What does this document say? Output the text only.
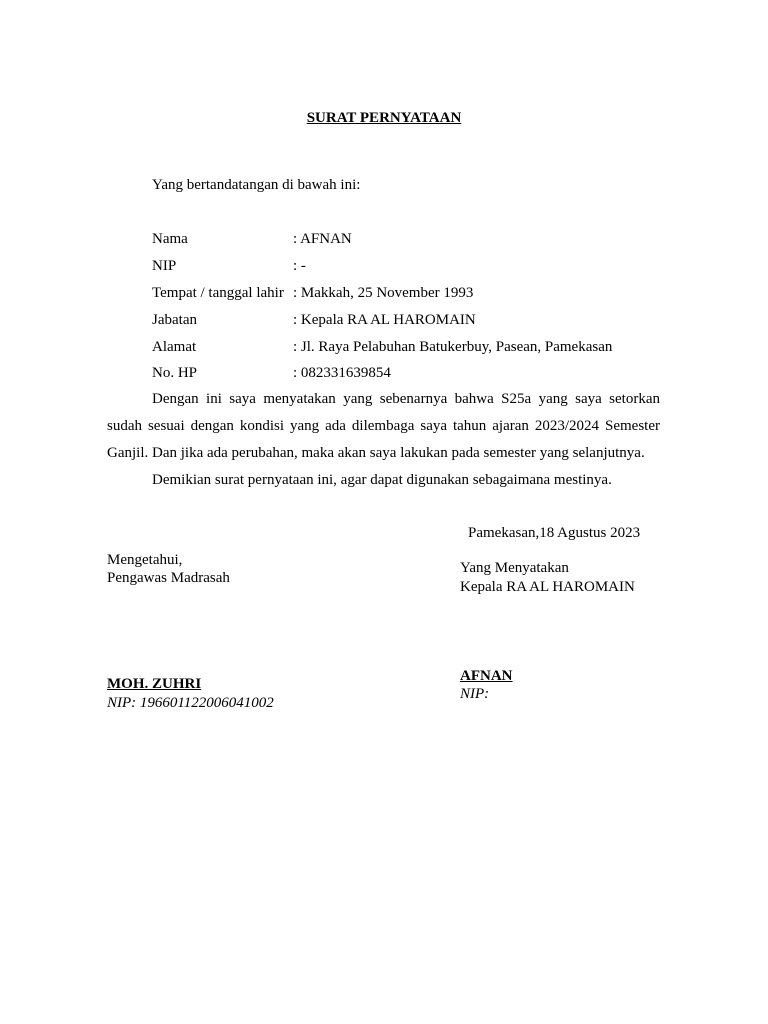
SURAT PERNYATAAN
Yang bertandatangan di bawah ini:
Nama	: AFNAN
NIP	: -
Tempat / tanggal lahir : Makkah, 25 November 1993
Jabatan	: Kepala RA AL HAROMAIN
Alamat	: Jl. Raya Pelabuhan Batukerbuy, Pasean, Pamekasan
No. HP	: 082331639854

Dengan ini saya menyatakan yang sebenarnya bahwa S25a yang saya setorkan sudah sesuai dengan kondisi yang ada dilembaga saya tahun ajaran 2023/2024 Semester Ganjil. Dan jika ada perubahan, maka akan saya lakukan pada semester yang selanjutnya.

Demikian surat pernyataan ini, agar dapat digunakan sebagaimana mestinya.

Pamekasan,18 Agustus 2023
Mengetahui,
Pengawas Madrasah
Yang Menyatakan
Kepala RA AL HAROMAIN
AFNAN
NIP:
MOH. ZUHRI
NIP: 196601122006041002
